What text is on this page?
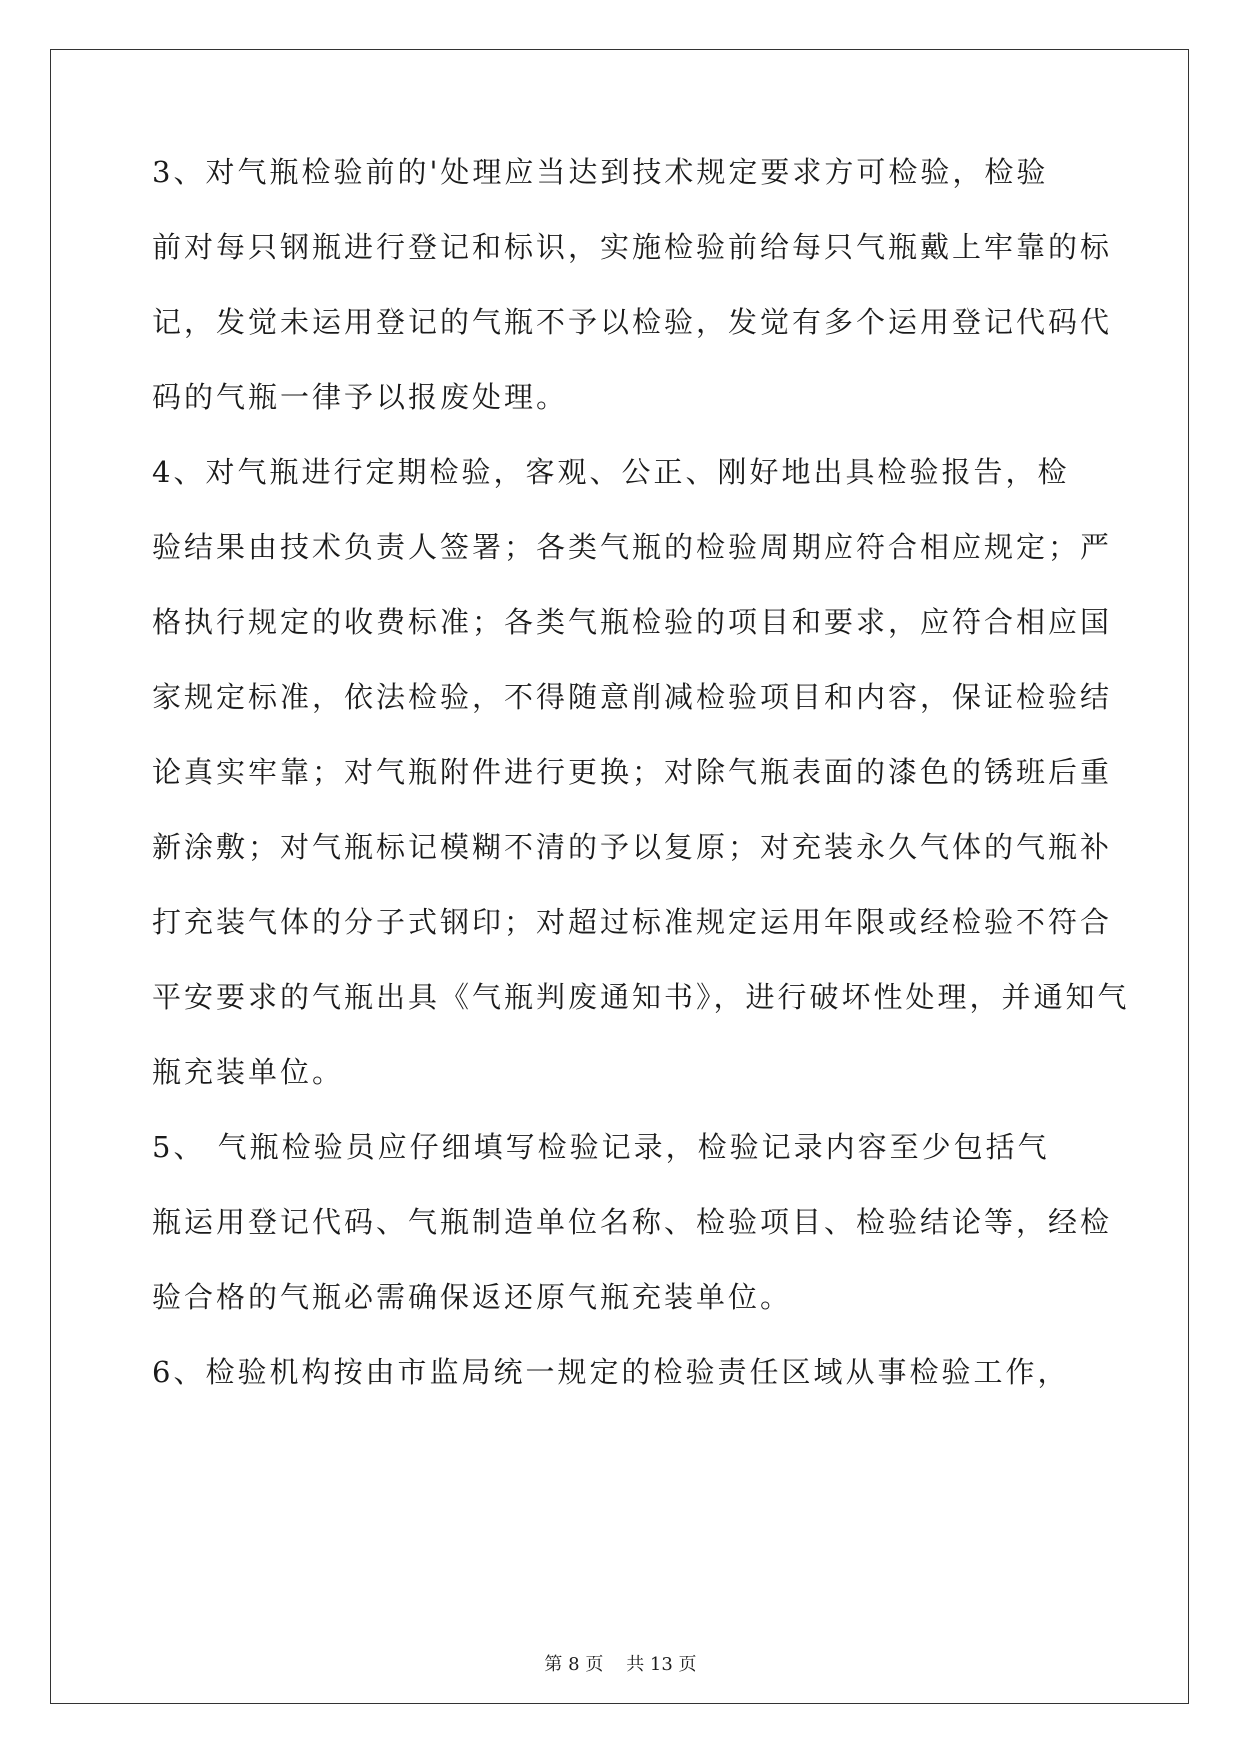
3、对气瓶检验前的'处理应当达到技术规定要求方可检验，检验
前对每只钢瓶进行登记和标识，实施检验前给每只气瓶戴上牢靠的标
记，发觉未运用登记的气瓶不予以检验，发觉有多个运用登记代码代
码的气瓶一律予以报废处理。
4、对气瓶进行定期检验，客观、公正、刚好地出具检验报告，检
验结果由技术负责人签署；各类气瓶的检验周期应符合相应规定；严
格执行规定的收费标准；各类气瓶检验的项目和要求，应符合相应国
家规定标准，依法检验，不得随意削减检验项目和内容，保证检验结
论真实牢靠；对气瓶附件进行更换；对除气瓶表面的漆色的锈班后重
新涂敷；对气瓶标记模糊不清的予以复原；对充装永久气体的气瓶补
打充装气体的分子式钢印；对超过标准规定运用年限或经检验不符合
平安要求的气瓶出具《气瓶判废通知书》，进行破坏性处理，并通知气
瓶充装单位。
5、 气瓶检验员应仔细填写检验记录，检验记录内容至少包括气
瓶运用登记代码、气瓶制造单位名称、检验项目、检验结论等，经检
验合格的气瓶必需确保返还原气瓶充装单位。
6、检验机构按由市监局统一规定的检验责任区域从事检验工作，
第 8 页    共 13 页
